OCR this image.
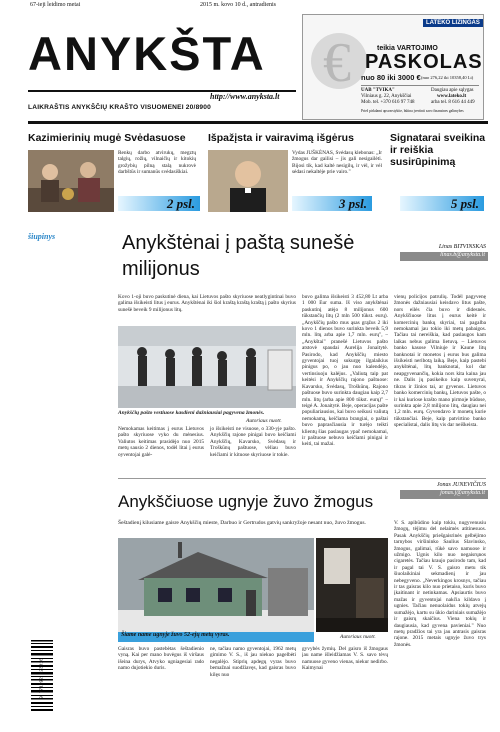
67-ieji leidimo metai	2015 m. kovo 10 d., antradienis
ANYKŠTA
http://www.anyksta.lt
LAIKRAŠTIS ANYKŠČIŲ KRAŠTO VISUOMENEI 20/8900
€
LATEKO LIZINGAS
teikia VARTOJIMO
PASKOLAS
nuo 80 iki 3000 € (nuo 276,22 iki 10358,40 Lt)
UAB "TVIKA"
Vilniaus g. 22, Anykščiai
Mob. tel. +370 616 97 748
Daugiau apie sąlygas
www.lateko.lt
arba tel. 8 616 44 449
Prieš pirkdami apsvarstykite, būtina įvertinti savo finansines galimybes
Kazimierinių mugė Svėdasuose
Renkų darbo atvirukų, megztų talgių, rožių, vilnaičių ir kitokių grožybių pilną stalą nukrovė darbštūs ir sumanūs svėdasiškiai.
2 psl.
Išpažįsta ir vairavimą išgėrus
Vydas JUŠKĖNAS, Svėdasų klebonas: „Ir žmogus dar gailisi – jis gali nesigailėti. Bijosi tik, kad kaltė nesigilų, ir vėl, ir vėl sėdasi nekaltėje prie vairo."
3 psl.
Signatarai sveikina ir reiškia susirūpinimą
5 psl.
šiupinys	Anykštėnai į paštą sunešė milijonus
Linas BITVINSKAS
linas.b@anyksta.lt
Kovo 1-oji buvo paskutinė diena, kai Lietuvos pašto skyriuose neatlygintinai buvo galima išsikeisti litus į eurus. Anykštėnai iki šiol kraštą kraštą kraštą į pašto skyrius sunešė beveik 9 milijonus litų.
Anykščių pašto vestiuose kasdieni dažniausiai pagyvena žmonės.
Autoriaus nuotr.
Nemokamas keitimas į eurus Lietuvos pašto skyriuose vyko du mėnesius. Valiutos keitimas prasidėjo nuo 2015 metų sausio 2 dienos, todėl litai į eurus oyventojai galė-
jo išsikeisti ne visuose, o 330-yje pašto. Anykščių rajone pinigai buvo keičiami Anykščių, Kavarsko, Svėdasų ir Troškūnų paštuose, vėliau buvo keičiami ir kituose skyriuose ir tokie.
buvo galima išsikeisti 3 452,80 Lt arba 1 000 Eur suma. Iš viso anykštėnai paskutinį atėjo 8 milijonus 600 tūkstančių litų (2 mln 500 tūkst. eurų). „Anykščių pašto mus ąsas grąžus 2 iki kovo 1 dienos buvo surinkta beveik 5,9 mln. litų arba apie 1,7 mln. eurų", – „Anykštai" pranešė Lietuvos pašto atstovė spaudai Aurelija Jonaitytė. Pasirodo, kad Anykščių miesto gyventojai tuoj sukurgę ilgalaikius pinigus po, o jau nuo kalendėjo, vertinsiuoju kalėjus. „Valiutą taip pat keitėsi ir Anykščių rajono paštuose: Kavarsko, Svėdasų, Troškūnų. Rajono paštuose buvo surinkta daugiau kaip 2,7 mln. litų (arba apie 800 tūkst. eurų)" – teigė A. Jonaitytė. Beje, operacijas pašte populiariausios, kai buvo seikusi valiutą nemokamą, keičiama brangiai, o paštai buvo paprasčiausia ir turėjo teikti klientų šias paslaugas ypač nemokamai, ir paštuose nebuvo keičiami pinigai ir keiti, tai mažai.
vienų policijos patrulių. Todėl pagyvenę žmonės dažniausiai keisdavo litus pašte, nors eilės čia buvo ir didesnės. Anykščiuose litus į eurus keitė ir komercinių bankų skyriai, tai pagalba nemokamai jau tokio iki metų pabaigos. Tačiau tai nereiškia, kad paslaugos kam laikas nebus galima lietuvą. – Lietuvos banko kasose Vilniuje ir Kaune litų banknotai ir monetos į eurus bus galima išsikeisti neribotą laiką. Beje, kaip pastebi anykštėnai, litų banknotai, kol dar neapgyvenančių, kokia nors kita kaina jau ne. Dalis jų pasikeiko kaip suvenyrai, tikras ir žinios tai, ar gyvenos. Lietuvos banko komercinių bankų, Lietuvos pašte, o ir kai kuriose krašto mano pirmoje būdose, surinkta apie 2,8 milijono litų, daugiau nei 1,2 mln. eurų. Gyvendavo ir monetų kurie tūkstančiai. Beje, kaip patvirtino banko specialistai, dalis litų vis dar neiškeista.
Jonas JUNEVIČIUS
jonas.j@anyksta.lt
Anykščiuose ugnyje žuvo žmogus
Šeštadienį kilusiame gaisre Anykščių mieste, Darbuo ir Gertrudos gatvių sankryžoje nesant nuo, žuvo žmogus.
Šiame name ugnyje žuvo 52-ejų metų vyras.	Autoriaus nuotr.
Gaisras buvo pastebėtas šeštadienio vyną. Kai per mano buvėgus iš viršaus išeina durys, Atvyko ugniagesiai rado namo dujotiekio duris.
ne, tačiau namo gyventojai, 1962 metų gimimo V. S., iš jau niekuo pagelbėti negalėjo. Stiprių apdegų vyras buvo bemažnai suodžiavęs, kad gaisras buvo kilęs nuo
gyvybės žymių. Del gaisro iš žmogaus jau name išleidžiamas V. S. savo tėvų namuose gyveno vienas, niekur nedirbo. Kaimynai
V. S. apibūdino kaip tokiu, nugyvenusiu žmogų, tėjimu del nelaimės atitinesuos. Pasak Anykščių priešgaisrinės gelbėjimo tarnybos viršininko Saulius Slavinsko, žmogus, galimai, rūkė savo namuose ir užmigo. Ugnis kilo nuo negaisrųnos cigaretės. Tačiau kraujo pasirodo tam, kad ir pagal tai V. S. gaisro metu tik šiuolaikiniai sekmadienį ir jau nebegyveno. „Neverkingos krosnys, tačiau ir tas gaisras kilo nuo prietaiso, kuris buvo įkaitinant ir netinkamas. Apsiaurtis buvo mažas ir gyventojai nakčia kildavo į ugnies. Tačiau nenuolaidus tokių atvejų sumažėjo, kartu su ūkio dariniais sumažėjo ir gaisrų skaičius. Viena tokių ir daugiausia, kad gyvena pavieniai." Nuo metų pradžios tai yra jau antrasis gaisras rajone. 2015 metais ugnyje žuvo trys žmonės.
9 771392 623016
